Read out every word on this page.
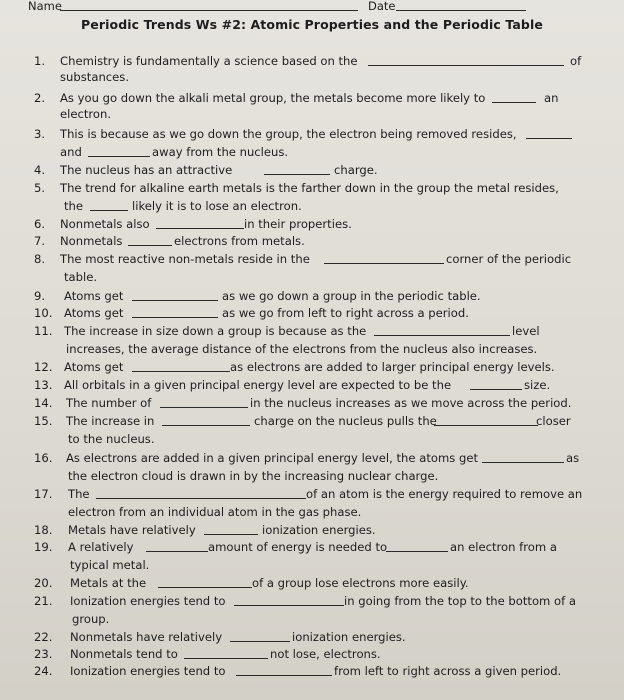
Name	Date
Periodic Trends Ws #2: Atomic Properties and the Periodic Table
1. Chemistry is fundamentally a science based on the	of
substances.
2. As you go down the alkali metal group, the metals become more likely to	an
electron.
3. This is because as we go down the group, the electron being removed resides,
and	away from the nucleus.
4. The nucleus has an attractive	charge.
5. The trend for alkaline earth metals is the farther down in the group the metal resides,
the	likely it is to lose an electron.
6. Nonmetals also	in their properties.
7. Nonmetals	electrons from metals.
8. The most reactive non-metals reside in the	corner of the periodic
table.
9. Atoms get	as we go down a group in the periodic table.
10. Atoms get	as we go from left to right across a period.
11. The increase in size down a group is because as the	level
increases, the average distance of the electrons from the nucleus also increases.
12. Atoms get	as electrons are added to larger principal energy levels.
13. All orbitals in a given principal energy level are expected to be the	size.
14. The number of	in the nucleus increases as we move across the period.
15. The increase in	charge on the nucleus pulls the	closer
to the nucleus.
16. As electrons are added in a given principal energy level, the atoms get	as
the electron cloud is drawn in by the increasing nuclear charge.
17. The	of an atom is the energy required to remove an
electron from an individual atom in the gas phase.
18. Metals have relatively	ionization energies.
19. A relatively	amount of energy is needed to	an electron from a
typical metal.
20. Metals at the	of a group lose electrons more easily.
21. Ionization energies tend to	in going from the top to the bottom of a
group.
22. Nonmetals have relatively	ionization energies.
23. Nonmetals tend to	not lose, electrons.
24. Ionization energies tend to	from left to right across a given period.
